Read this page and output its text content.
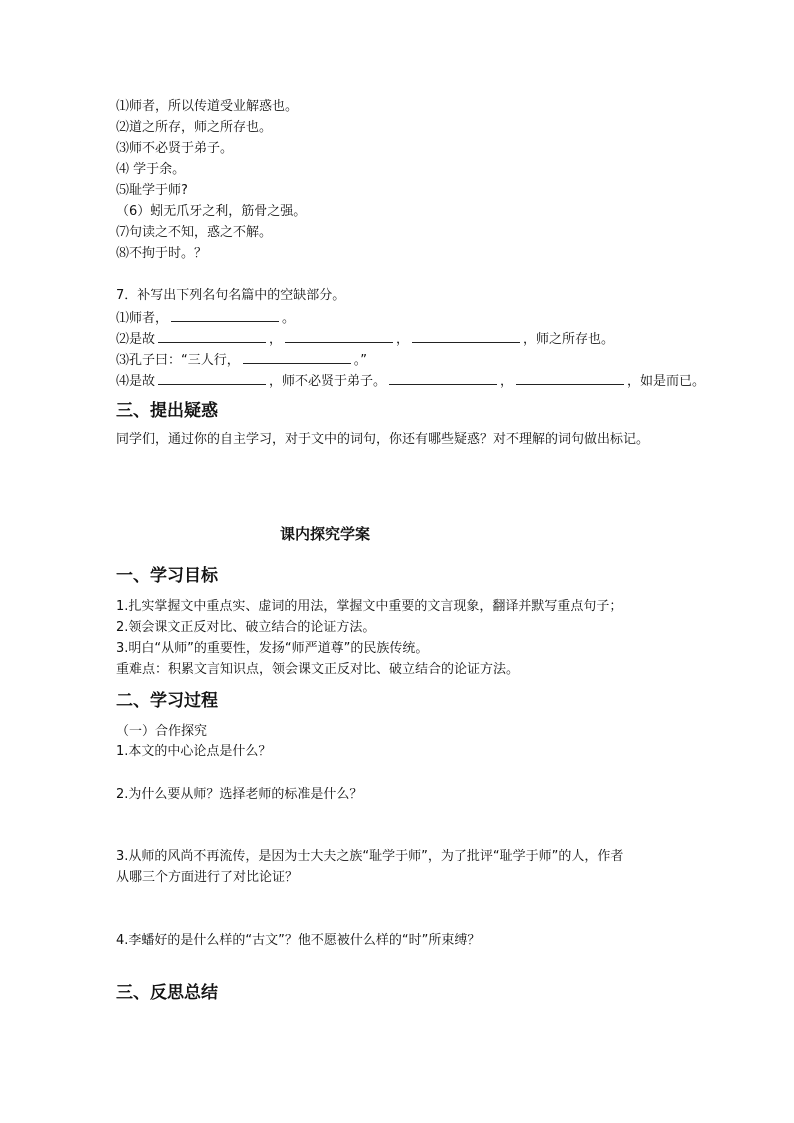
⑴师者，所以传道受业解惑也。
⑵道之所存，师之所存也。
⑶师不必贤于弟子。
⑷ 学于余。
⑸耻学于师?
（6）蚓无爪牙之利，筋骨之强。
⑺句读之不知，惑之不解。
⑻不拘于时。？
7．补写出下列名句名篇中的空缺部分。
⑴师者，	。
⑵是故	，	，	，师之所存也。
⑶孔子曰：“三人行，	。”
⑷是故	，师不必贤于弟子。	，	，如是而已。
三、提出疑惑
同学们，通过你的自主学习，对于文中的词句，你还有哪些疑惑？对不理解的词句做出标记。
课内探究学案
一、学习目标
1.扎实掌握文中重点实、虚词的用法，掌握文中重要的文言现象，翻译并默写重点句子；
2.领会课文正反对比、破立结合的论证方法。
3.明白“从师”的重要性，发扬“师严道尊”的民族传统。
重难点：积累文言知识点，领会课文正反对比、破立结合的论证方法。
二、学习过程
（一）合作探究
1.本文的中心论点是什么？
2.为什么要从师？选择老师的标准是什么？
3.从师的风尚不再流传，是因为士大夫之族“耻学于师”，为了批评“耻学于师”的人，作者
从哪三个方面进行了对比论证？
4.李蟠好的是什么样的“古文”？他不愿被什么样的“时”所束缚？
三、反思总结
